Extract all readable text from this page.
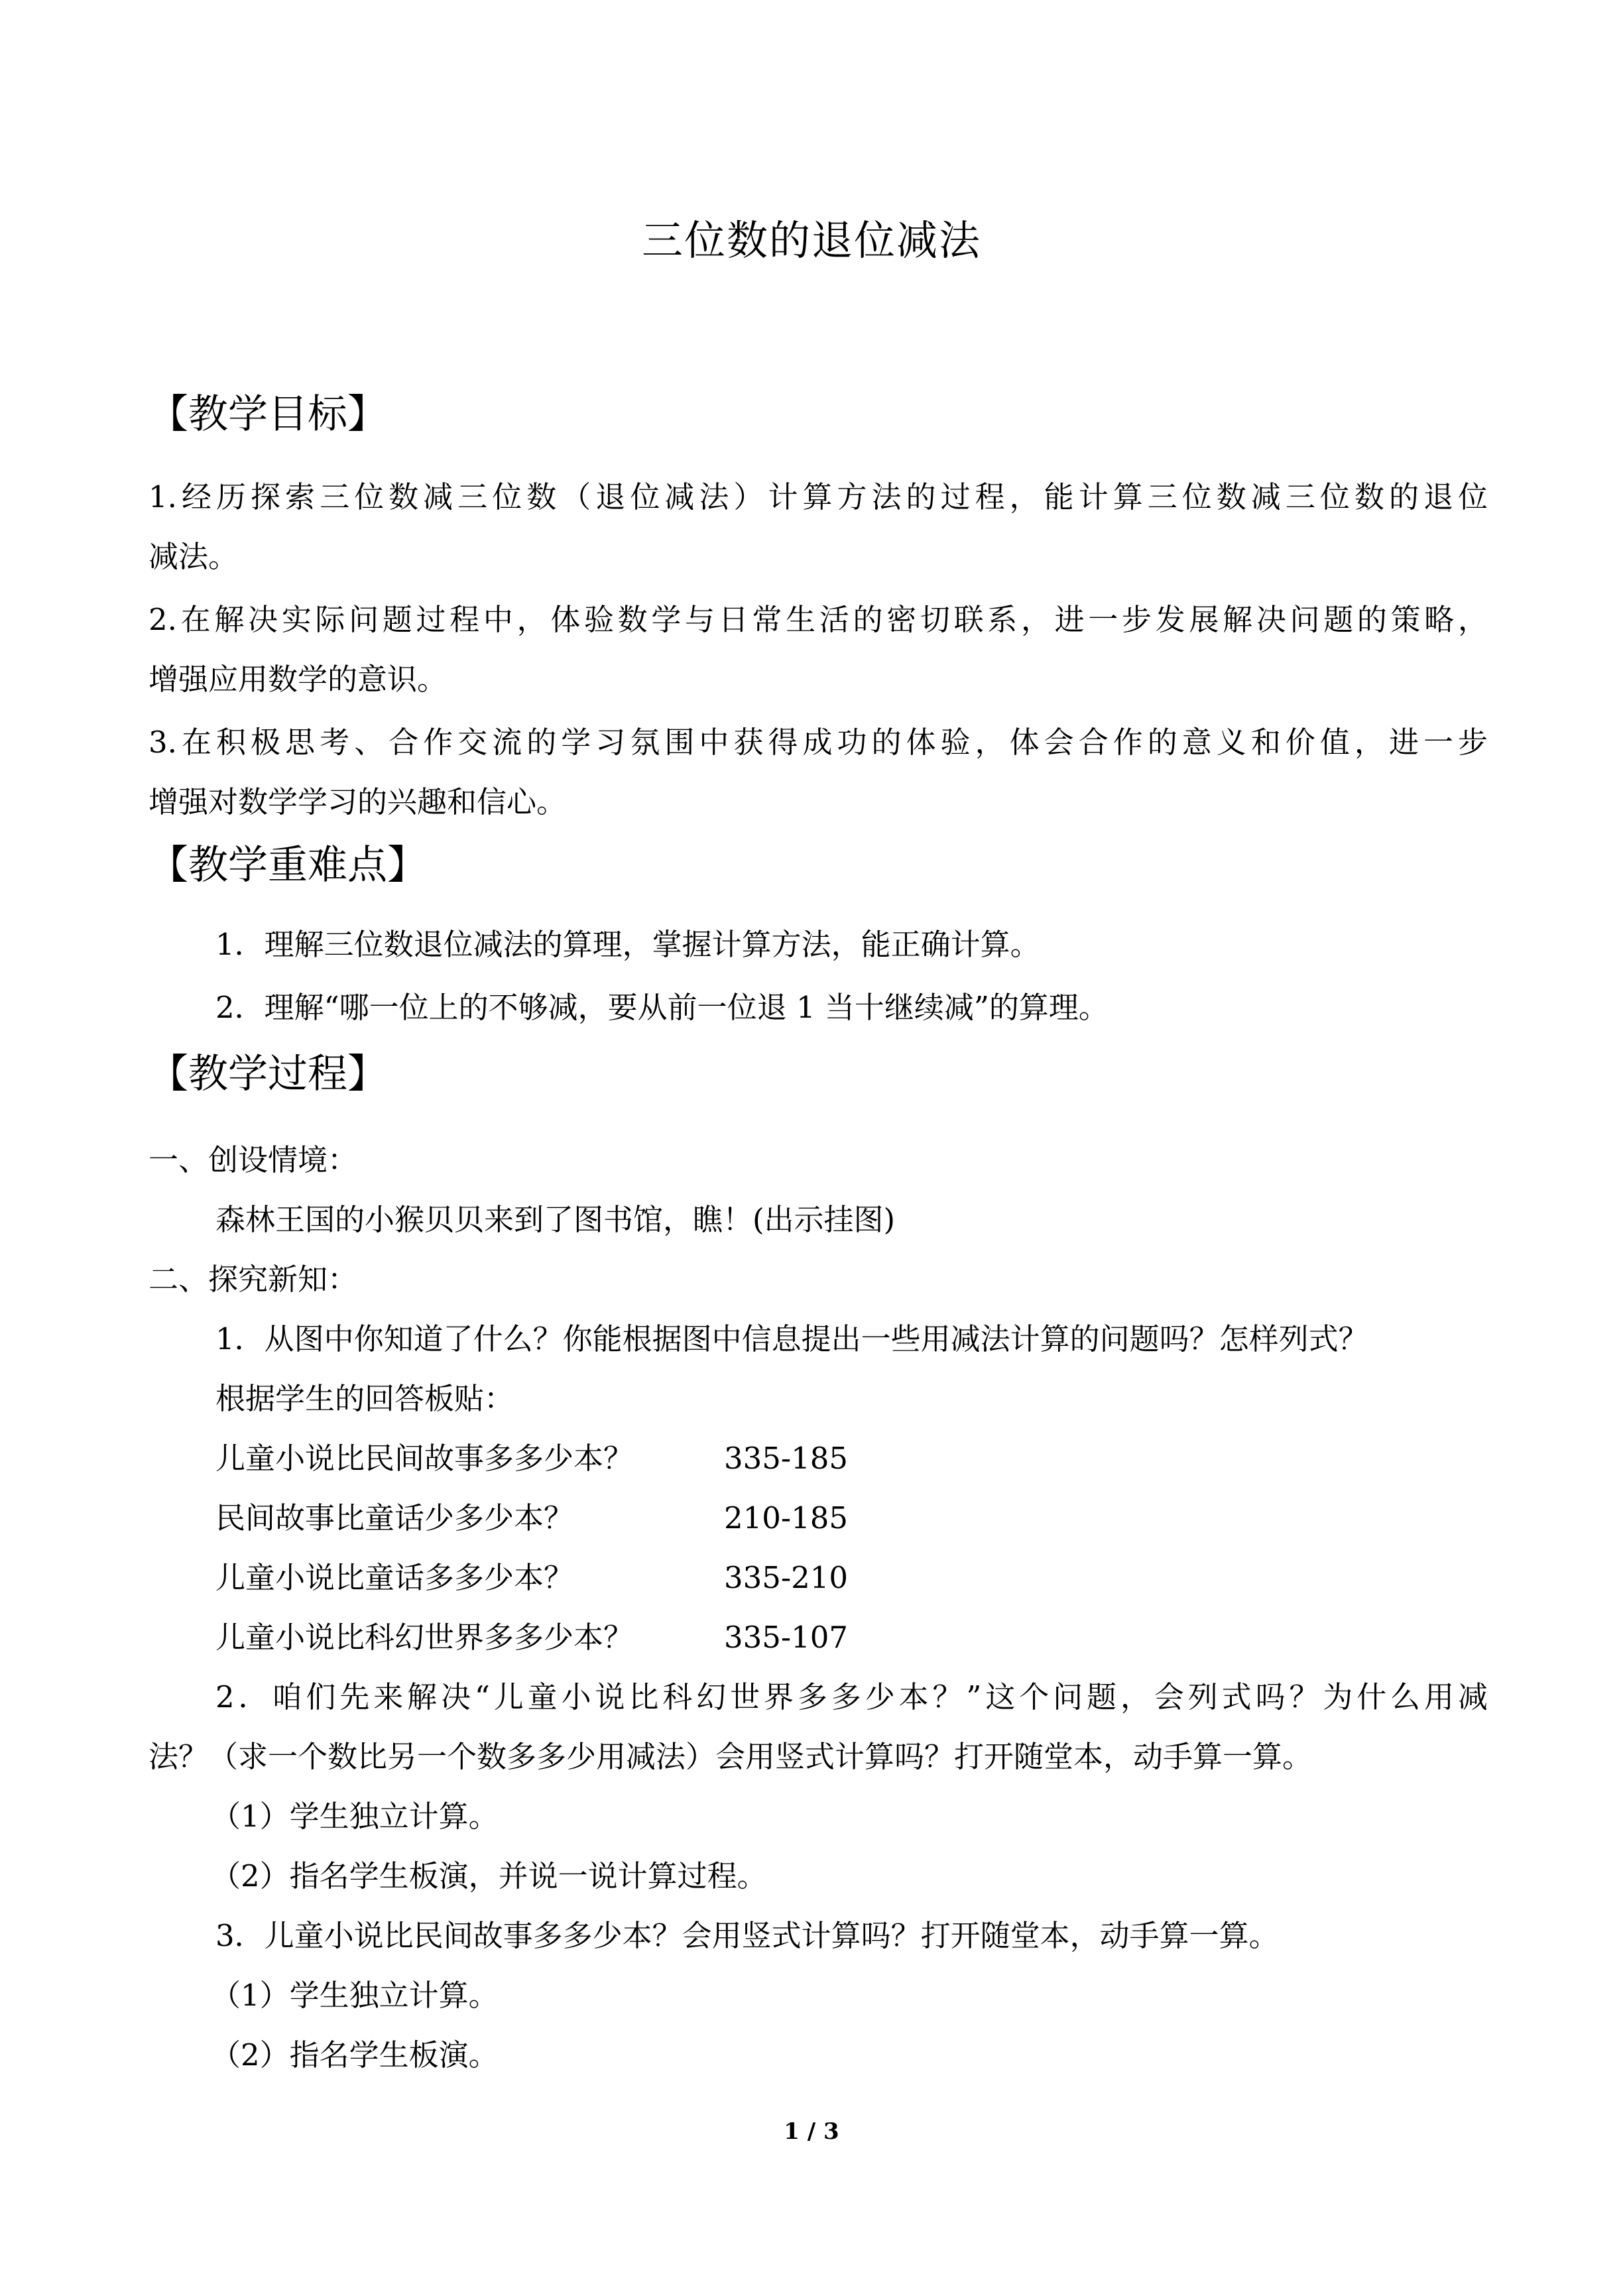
三位数的退位减法
【教学目标】
1.经历探索三位数减三位数（退位减法）计算方法的过程，能计算三位数减三位数的退位
减法。
2.在解决实际问题过程中，体验数学与日常生活的密切联系，进一步发展解决问题的策略，
增强应用数学的意识。
3.在积极思考、合作交流的学习氛围中获得成功的体验，体会合作的意义和价值，进一步
增强对数学学习的兴趣和信心。
【教学重难点】
1．理解三位数退位减法的算理，掌握计算方法，能正确计算。
2．理解“哪一位上的不够减，要从前一位退 1 当十继续减”的算理。
【教学过程】
一、创设情境：
森林王国的小猴贝贝来到了图书馆，瞧！(出示挂图)
二、探究新知：
1．从图中你知道了什么？你能根据图中信息提出一些用减法计算的问题吗？怎样列式？
根据学生的回答板贴：
儿童小说比民间故事多多少本？	335-185
民间故事比童话少多少本？	210-185
儿童小说比童话多多少本？	335-210
儿童小说比科幻世界多多少本？	335-107
2．咱们先来解决“儿童小说比科幻世界多多少本？”这个问题，会列式吗？为什么用减
法？（求一个数比另一个数多多少用减法）会用竖式计算吗？打开随堂本，动手算一算。
（1）学生独立计算。
（2）指名学生板演，并说一说计算过程。
3．儿童小说比民间故事多多少本？会用竖式计算吗？打开随堂本，动手算一算。
（1）学生独立计算。
（2）指名学生板演。
1 / 3
